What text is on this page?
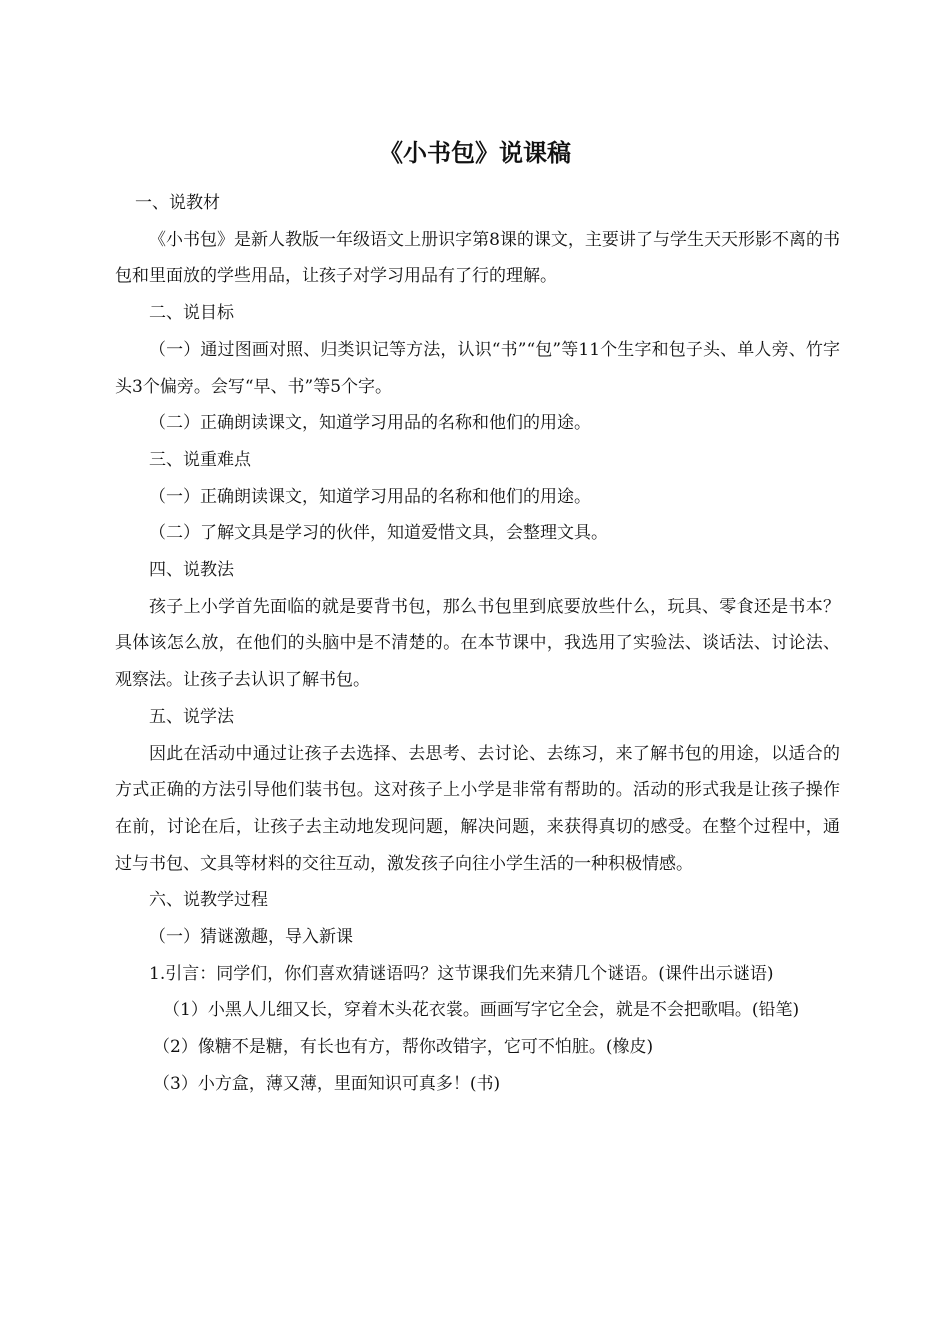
《小书包》说课稿

一、说教材

《小书包》是新人教版一年级语文上册识字第8课的课文，主要讲了与学生天天形影不离的书包和里面放的学些用品，让孩子对学习用品有了行的理解。

二、说目标

（一）通过图画对照、归类识记等方法，认识“书”“包”等11个生字和包子头、单人旁、竹字头3个偏旁。会写“早、书”等5个字。

（二）正确朗读课文，知道学习用品的名称和他们的用途。

三、说重难点

（一）正确朗读课文，知道学习用品的名称和他们的用途。

（二）了解文具是学习的伙伴，知道爱惜文具，会整理文具。

四、说教法

孩子上小学首先面临的就是要背书包，那么书包里到底要放些什么，玩具、零食还是书本？具体该怎么放，在他们的头脑中是不清楚的。在本节课中，我选用了实验法、谈话法、讨论法、观察法。让孩子去认识了解书包。

五、说学法

因此在活动中通过让孩子去选择、去思考、去讨论、去练习，来了解书包的用途，以适合的方式正确的方法引导他们装书包。这对孩子上小学是非常有帮助的。活动的形式我是让孩子操作在前，讨论在后，让孩子去主动地发现问题，解决问题，来获得真切的感受。在整个过程中，通过与书包、文具等材料的交往互动，激发孩子向往小学生活的一种积极情感。

六、说教学过程

（一）猜谜激趣，导入新课

1.引言：同学们，你们喜欢猜谜语吗？这节课我们先来猜几个谜语。(课件出示谜语)

（1）小黑人儿细又长，穿着木头花衣裳。画画写字它全会，就是不会把歌唱。(铅笔)

（2）像糖不是糖，有长也有方，帮你改错字，它可不怕脏。(橡皮)

（3）小方盒，薄又薄，里面知识可真多！(书)
